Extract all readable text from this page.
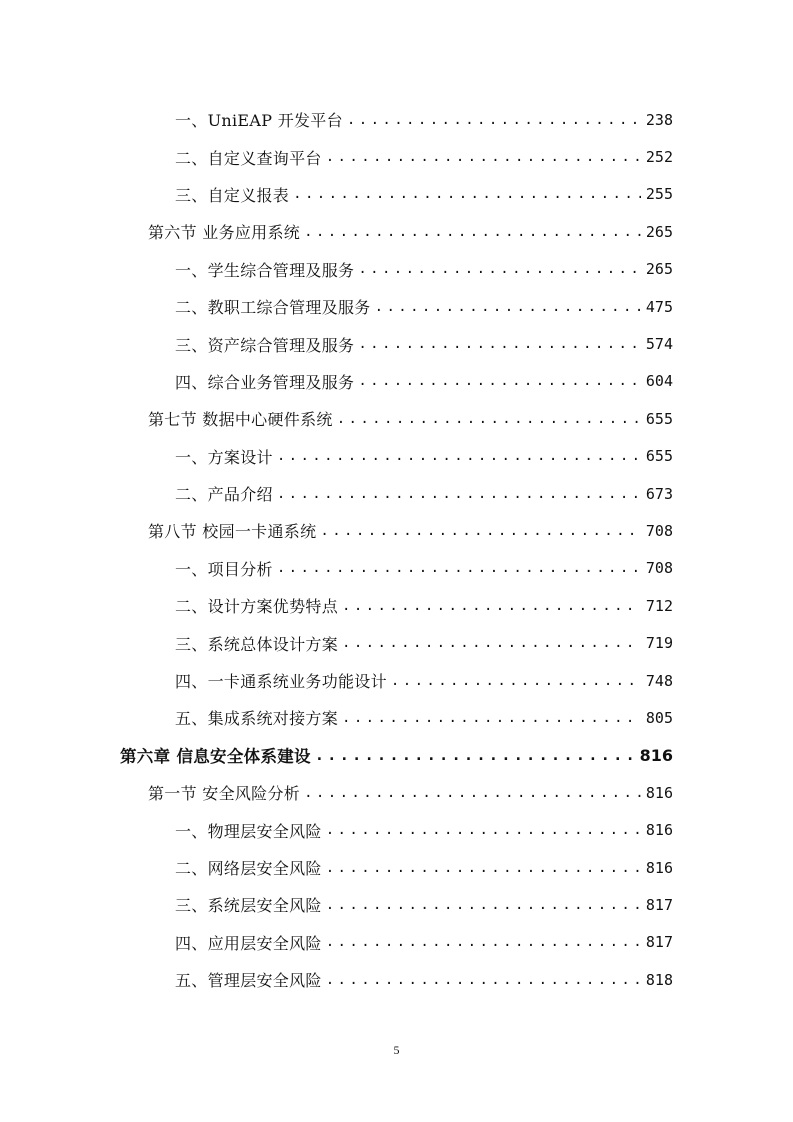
一、UniEAP 开发平台 .....	238
二、自定义查询平台 .....	252
三、自定义报表 .....	255
第六节 业务应用系统 .....	265
一、学生综合管理及服务 .....	265
二、教职工综合管理及服务 .....	475
三、资产综合管理及服务 .....	574
四、综合业务管理及服务 .....	604
第七节 数据中心硬件系统 .....	655
一、方案设计 .....	655
二、产品介绍 .....	673
第八节 校园一卡通系统 .....	708
一、项目分析 .....	708
二、设计方案优势特点 .....	712
三、系统总体设计方案 .....	719
四、一卡通系统业务功能设计 .....	748
五、集成系统对接方案 .....	805
第六章 信息安全体系建设 .....	816
第一节 安全风险分析 .....	816
一、物理层安全风险 .....	816
二、网络层安全风险 .....	816
三、系统层安全风险 .....	817
四、应用层安全风险 .....	817
五、管理层安全风险 .....	818
5
